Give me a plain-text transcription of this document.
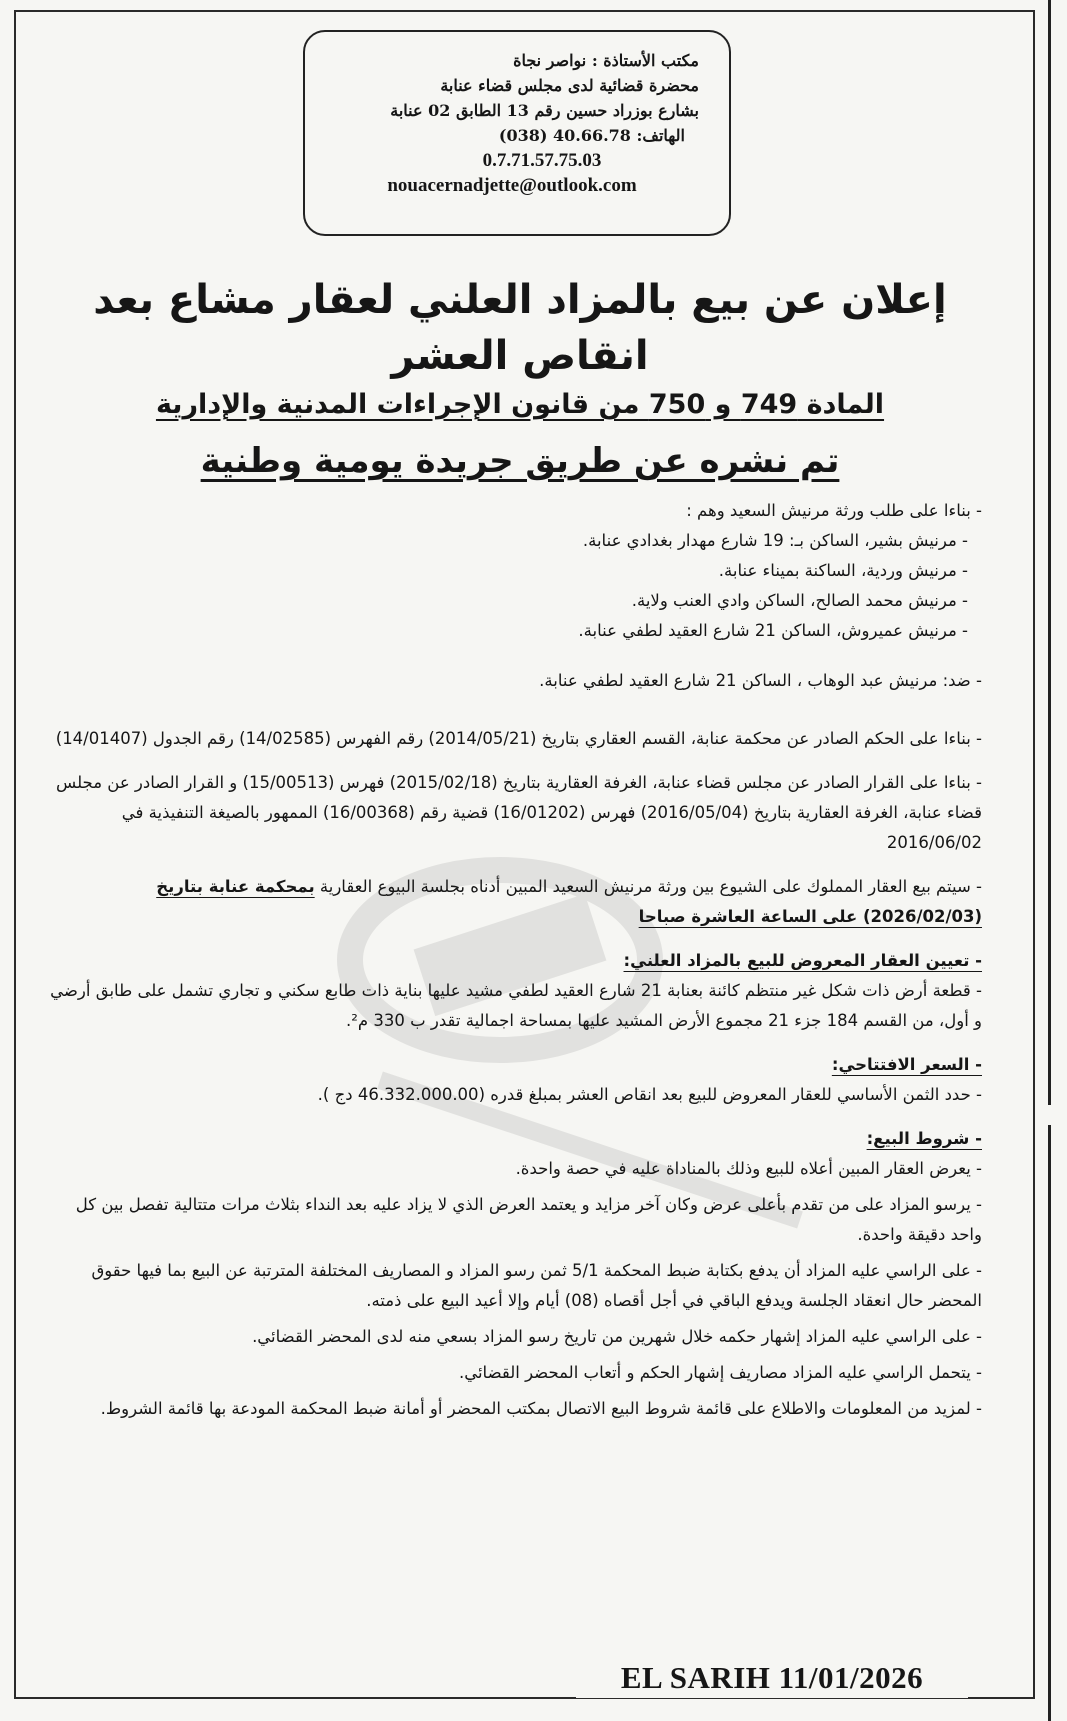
مكتب الأستاذة : نواصر نجاة
محضرة قضائية لدى مجلس قضاء عنابة
بشارع بوزراد حسين رقم 13 الطابق 02 عنابة
الهاتف: 40.66.78 (038)
0.7.71.57.75.03
nouacernadjette@outlook.com
إعلان عن بيع بالمزاد العلني لعقار مشاع بعد انقاص العشر
المادة 749 و 750 من قانون الإجراءات المدنية والإدارية
تم نشره عن طريق جريدة يومية وطنية

- بناءا على طلب ورثة مرنيش السعيد وهم :

- مرنيش بشير، الساكن بـ: 19 شارع مهدار بغدادي عنابة.

- مرنيش وردية، الساكنة بميناء عنابة.

- مرنيش محمد الصالح، الساكن وادي العنب ولاية.

- مرنيش عميروش، الساكن 21 شارع العقيد لطفي عنابة.

- ضد: مرنيش عبد الوهاب ، الساكن 21 شارع العقيد لطفي عنابة.

- بناءا على الحكم الصادر عن محكمة عنابة، القسم العقاري بتاريخ (2014/05/21) رقم الفهرس (14/02585) رقم الجدول (14/01407)

- بناءا على القرار الصادر عن مجلس قضاء عنابة، الغرفة العقارية بتاريخ (2015/02/18) فهرس (15/00513) و القرار الصادر عن مجلس قضاء عنابة، الغرفة العقارية بتاريخ (2016/05/04) فهرس (16/01202) قضية رقم (16/00368) الممهور بالصيغة التنفيذية في 2016/06/02

- سيتم بيع العقار المملوك على الشيوع بين ورثة مرنيش السعيد المبين أدناه بجلسة البيوع العقارية بمحكمة عنابة بتاريخ (2026/02/03) على الساعة العاشرة صباحا

- تعيين العقار المعروض للبيع بالمزاد العلني:

- قطعة أرض ذات شكل غير منتظم كائنة بعنابة 21 شارع العقيد لطفي مشيد عليها بناية ذات طابع سكني و تجاري تشمل على طابق أرضي و أول، من القسم 184 جزء 21 مجموع الأرض المشيد عليها بمساحة اجمالية تقدر ب 330 م².

- السعر الافتتاحي:

- حدد الثمن الأساسي للعقار المعروض للبيع بعد انقاص العشر بمبلغ قدره (46.332.000.00 دج ).

- شروط البيع:

- يعرض العقار المبين أعلاه للبيع وذلك بالمناداة عليه في حصة واحدة.

- يرسو المزاد على من تقدم بأعلى عرض وكان آخر مزايد و يعتمد العرض الذي لا يزاد عليه بعد النداء بثلاث مرات متتالية تفصل بين كل واحد دقيقة واحدة.

- على الراسي عليه المزاد أن يدفع بكتابة ضبط المحكمة 5/1 ثمن رسو المزاد و المصاريف المختلفة المترتبة عن البيع بما فيها حقوق المحضر حال انعقاد الجلسة ويدفع الباقي في أجل أقصاه (08) أيام وإلا أعيد البيع على ذمته.

- على الراسي عليه المزاد إشهار حكمه خلال شهرين من تاريخ رسو المزاد بسعي منه لدى المحضر القضائي.

- يتحمل الراسي عليه المزاد مصاريف إشهار الحكم و أتعاب المحضر القضائي.

- لمزيد من المعلومات والاطلاع على قائمة شروط البيع الاتصال بمكتب المحضر أو أمانة ضبط المحكمة المودعة بها قائمة الشروط.

EL SARIH 11/01/2026
